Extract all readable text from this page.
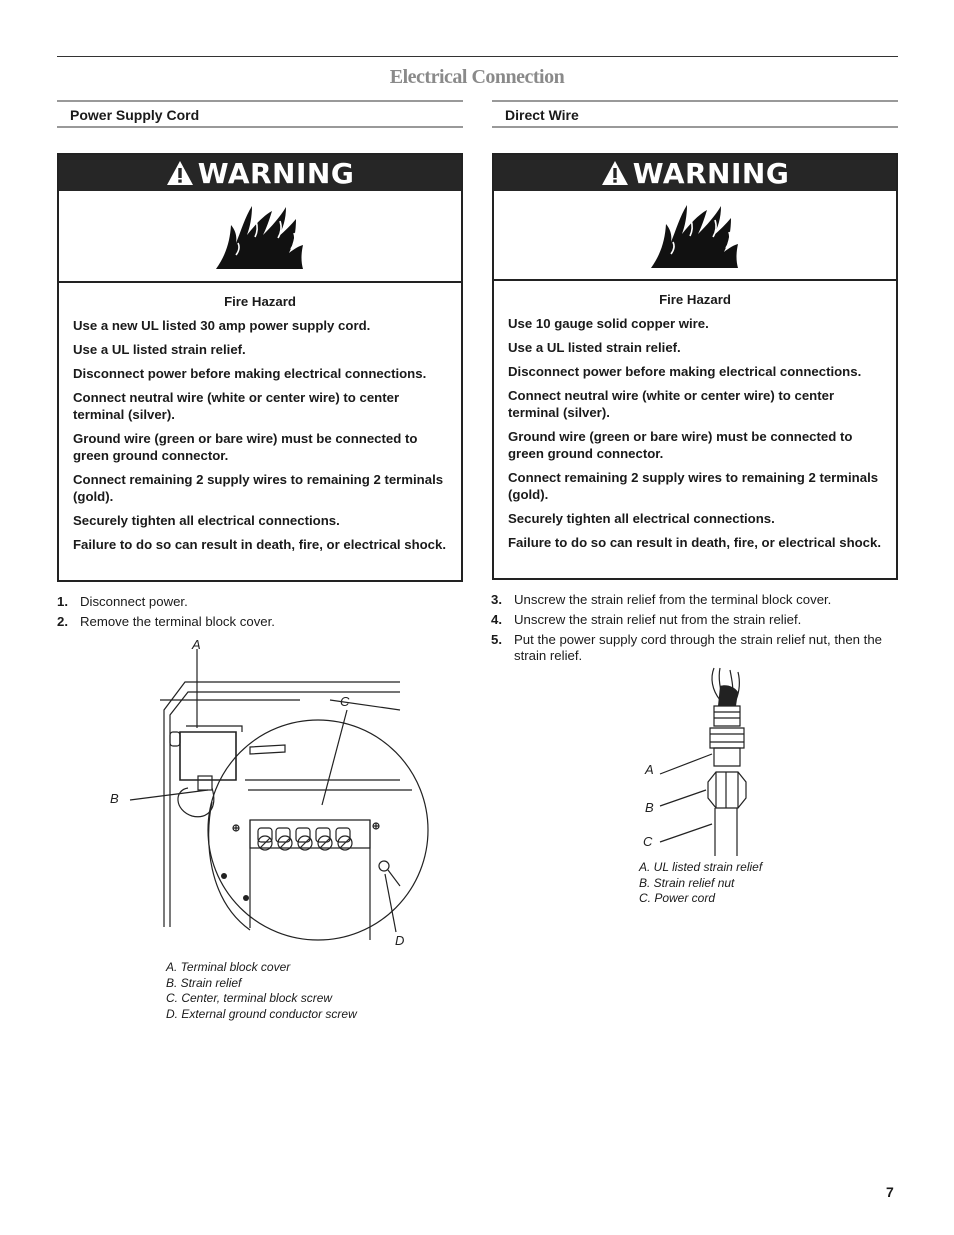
Electrical Connection
Power Supply Cord
WARNING
Fire Hazard

Use a new UL listed 30 amp power supply cord.

Use a UL listed strain relief.

Disconnect power before making electrical connections.

Connect neutral wire (white or center wire) to center terminal (silver).

Ground wire (green or bare wire) must be connected to green ground connector.

Connect remaining 2 supply wires to remaining 2 terminals (gold).

Securely tighten all electrical connections.

Failure to do so can result in death, fire, or electrical shock.

1. Disconnect power.
2. Remove the terminal block cover.
A
B
C
D
A. Terminal block cover
B. Strain relief
C. Center, terminal block screw
D. External ground conductor screw
Direct Wire
WARNING
Fire Hazard

Use 10 gauge solid copper wire.

Use a UL listed strain relief.

Disconnect power before making electrical connections.

Connect neutral wire (white or center wire) to center terminal (silver).

Ground wire (green or bare wire) must be connected to green ground connector.

Connect remaining 2 supply wires to remaining 2 terminals (gold).

Securely tighten all electrical connections.

Failure to do so can result in death, fire, or electrical shock.

3. Unscrew the strain relief from the terminal block cover.
4. Unscrew the strain relief nut from the strain relief.
5. Put the power supply cord through the strain relief nut, then the strain relief.
A
B
C
A. UL listed strain relief
B. Strain relief nut
C. Power cord
7
